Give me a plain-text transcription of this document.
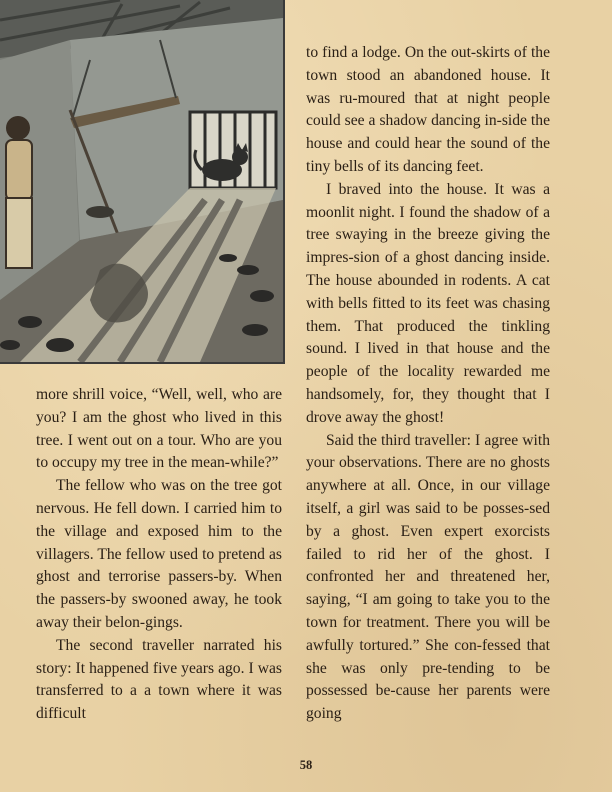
more shrill voice, “Well, well, who are you? I am the ghost who lived in this tree. I went out on a tour. Who are you to occupy my tree in the mean-while?”

The fellow who was on the tree got nervous. He fell down. I carried him to the village and exposed him to the villagers. The fellow used to pretend as ghost and terrorise passers-by. When the passers-by swooned away, he took away their belon-gings.

The second traveller narrated his story: It happened five years ago. I was transferred to a a town where it was difficult

to find a lodge. On the out-skirts of the town stood an abandoned house. It was ru-moured that at night people could see a shadow dancing in-side the house and could hear the sound of the tiny bells of its dancing feet.

I braved into the house. It was a moonlit night. I found the shadow of a tree swaying in the breeze giving the impres-sion of a ghost dancing inside. The house abounded in rodents. A cat with bells fitted to its feet was chasing them. That produced the tinkling sound. I lived in that house and the people of the locality rewarded me handsomely, for, they thought that I drove away the ghost!

Said the third traveller: I agree with your observations. There are no ghosts anywhere at all. Once, in our village itself, a girl was said to be posses-sed by a ghost. Even expert exorcists failed to rid her of the ghost. I confronted her and threatened her, saying, “I am going to take you to the town for treatment. There you will be awfully tortured.” She con-fessed that she was only pre-tending to be possessed be-cause her parents were going

58
